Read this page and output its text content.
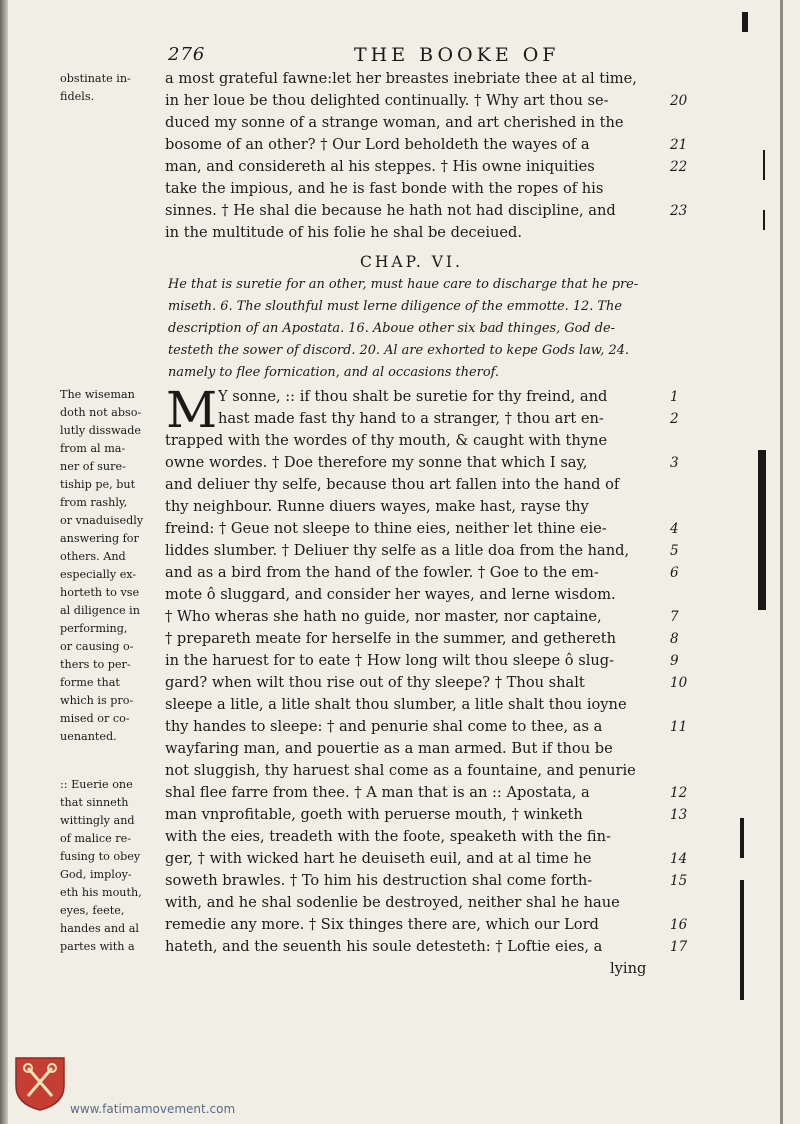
276	THE BOOKE OF
a most grateful fawne:let her breastes inebriate thee at al time,
in her loue be thou delighted continually. † Why art thou se-
duced my sonne of a strange woman, and art cherished in the
bosome of an other? † Our Lord beholdeth the wayes of a
man, and considereth al his steppes. † His owne iniquities
take the impious, and he is fast bonde with the ropes of his
sinnes. † He shal die because he hath not had discipline, and
in the multitude of his folie he shal be deceiued.
20
21
22
23
obstinate in-
fidels.
CHAP. VI.
He that is suretie for an other, must haue care to discharge that he pre-
miseth. 6. The slouthful must lerne diligence of the emmotte. 12. The
description of an Apostata. 16. Aboue other six bad thinges, God de-
testeth the sower of discord. 20. Al are exhorted to kepe Gods law, 24.
namely to flee fornication, and al occasions therof.
M Y sonne, :: if thou shalt be suretie for thy freind, and
hast made fast thy hand to a stranger, † thou art en-
trapped with the wordes of thy mouth, & caught with thyne
owne wordes. † Doe therefore my sonne that which I say,
and deliuer thy selfe, because thou art fallen into the hand of
thy neighbour. Runne diuers wayes, make hast, rayse thy
freind: † Geue not sleepe to thine eies, neither let thine eie-
liddes slumber. † Deliuer thy selfe as a litle doa from the hand,
and as a bird from the hand of the fowler. † Goe to the em-
mote ô sluggard, and consider her wayes, and lerne wisdom.
† Who wheras she hath no guide, nor master, nor captaine,
† prepareth meate for herselfe in the summer, and gethereth
in the haruest for to eate † How long wilt thou sleepe ô slug-
gard? when wilt thou rise out of thy sleepe? † Thou shalt
sleepe a litle, a litle shalt thou slumber, a litle shalt thou ioyne
thy handes to sleepe: † and penurie shal come to thee, as a
wayfaring man, and pouertie as a man armed. But if thou be
not sluggish, thy haruest shal come as a fountaine, and penurie
shal flee farre from thee. † A man that is an :: Apostata, a
man vnprofitable, goeth with peruerse mouth, † winketh
with the eies, treadeth with the foote, speaketh with the fin-
ger, † with wicked hart he deuiseth euil, and at al time he
soweth brawles. † To him his destruction shal come forth-
with, and he shal sodenlie be destroyed, neither shal he haue
remedie any more. † Six thinges there are, which our Lord
hateth, and the seuenth his soule detesteth: † Loftie eies, a
lying
1
2
3
4
5
6
7
8
9
10
11
12
13
14
15
16
17
The wiseman
doth not abso-
lutly disswade
from al ma-
ner of sure-
tiship pe, but
from rashly,
or vnaduisedly
answering for
others. And
especially ex-
horteth to vse
al diligence in
performing,
or causing o-
thers to per-
forme that
which is pro-
mised or co-
uenanted.
:: Euerie one
that sinneth
wittingly and
of malice re-
fusing to obey
God, imploy-
eth his mouth,
eyes, feete,
handes and al
partes with a
www.fatimamovement.com
